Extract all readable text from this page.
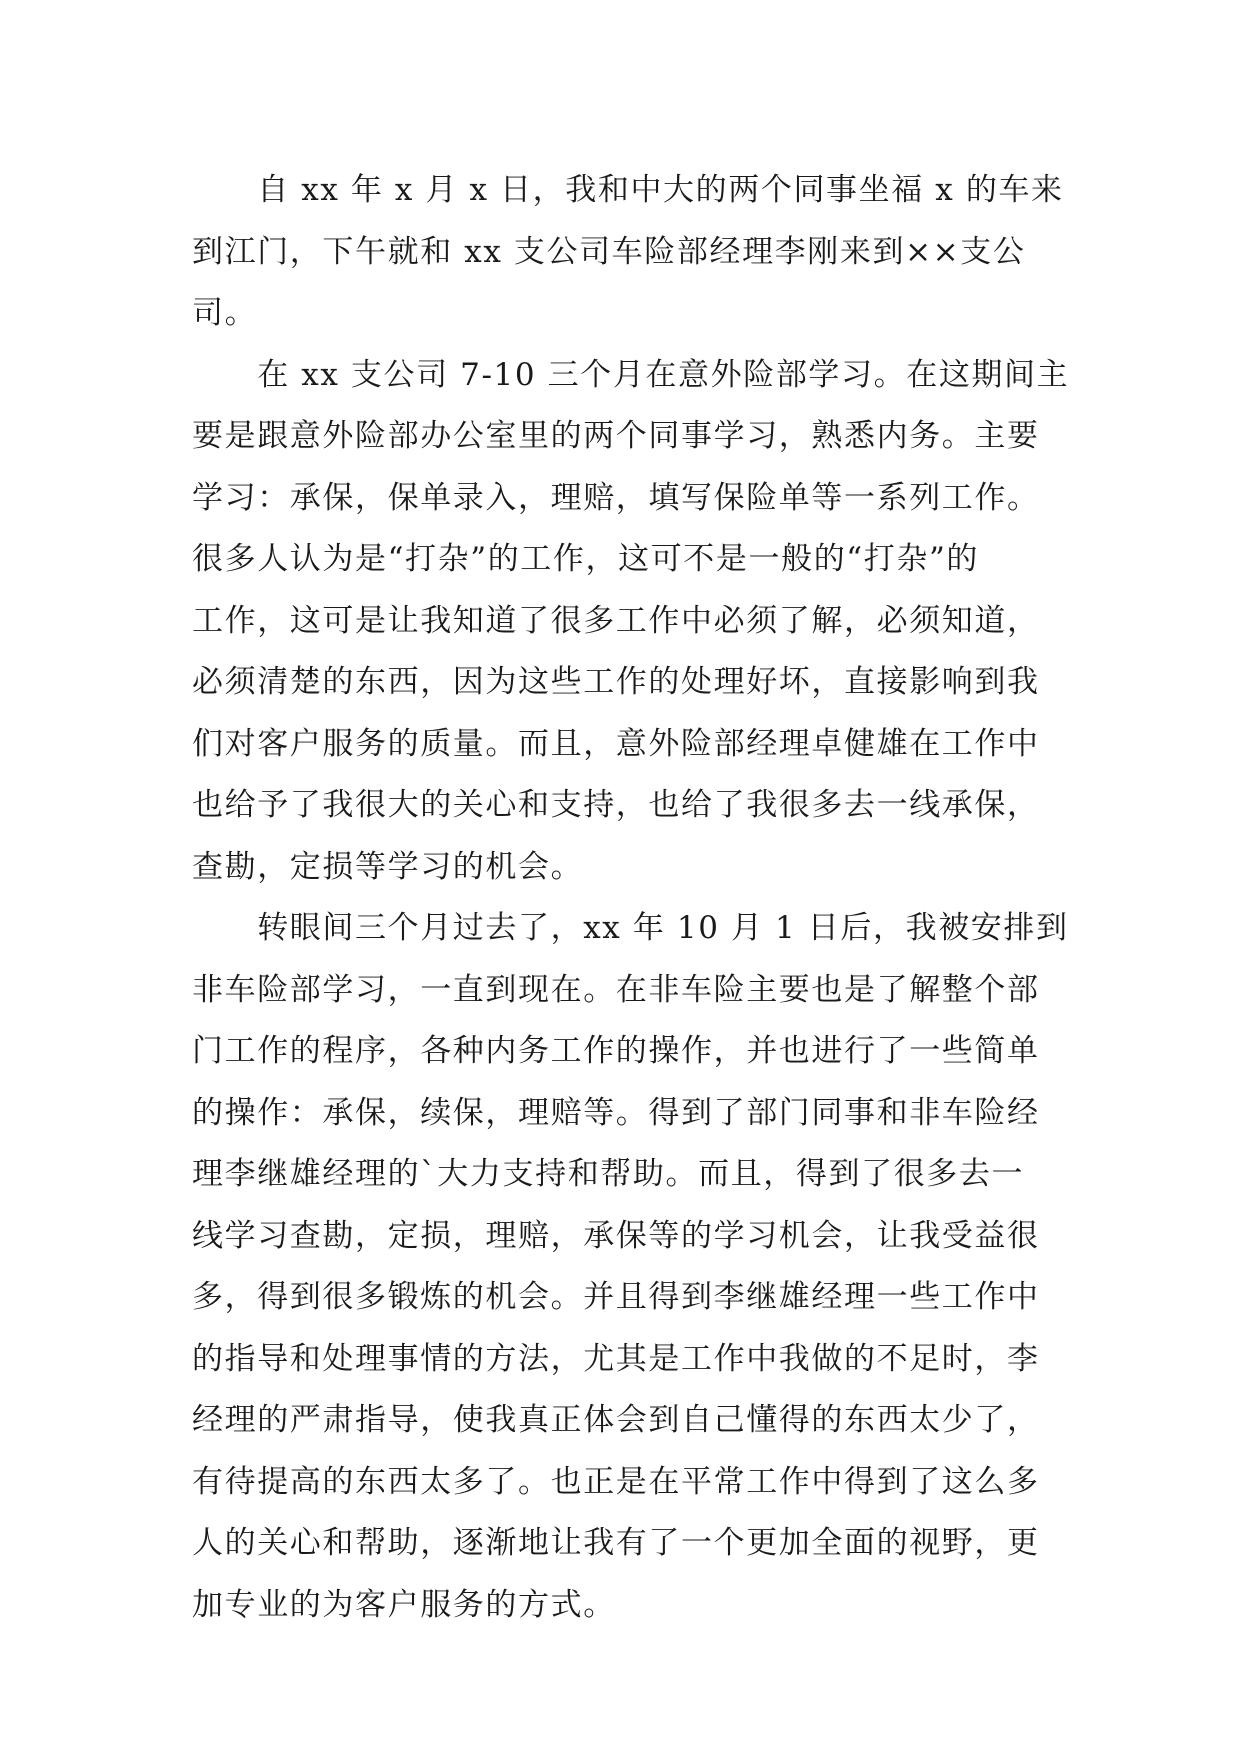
　　自 xx 年 x 月 x 日，我和中大的两个同事坐福 x 的车来
到江门，下午就和 xx 支公司车险部经理李刚来到××支公
司。
　　在 xx 支公司 7-10 三个月在意外险部学习。在这期间主
要是跟意外险部办公室里的两个同事学习，熟悉内务。主要
学习：承保，保单录入，理赔，填写保险单等一系列工作。
很多人认为是“打杂”的工作，这可不是一般的“打杂”的
工作，这可是让我知道了很多工作中必须了解，必须知道，
必须清楚的东西，因为这些工作的处理好坏，直接影响到我
们对客户服务的质量。而且，意外险部经理卓健雄在工作中
也给予了我很大的关心和支持，也给了我很多去一线承保，
查勘，定损等学习的机会。
　　转眼间三个月过去了，xx 年 10 月 1 日后，我被安排到
非车险部学习，一直到现在。在非车险主要也是了解整个部
门工作的程序，各种内务工作的操作，并也进行了一些简单
的操作：承保，续保，理赔等。得到了部门同事和非车险经
理李继雄经理的`大力支持和帮助。而且，得到了很多去一
线学习查勘，定损，理赔，承保等的学习机会，让我受益很
多，得到很多锻炼的机会。并且得到李继雄经理一些工作中
的指导和处理事情的方法，尤其是工作中我做的不足时，李
经理的严肃指导，使我真正体会到自己懂得的东西太少了，
有待提高的东西太多了。也正是在平常工作中得到了这么多
人的关心和帮助，逐渐地让我有了一个更加全面的视野，更
加专业的为客户服务的方式。
